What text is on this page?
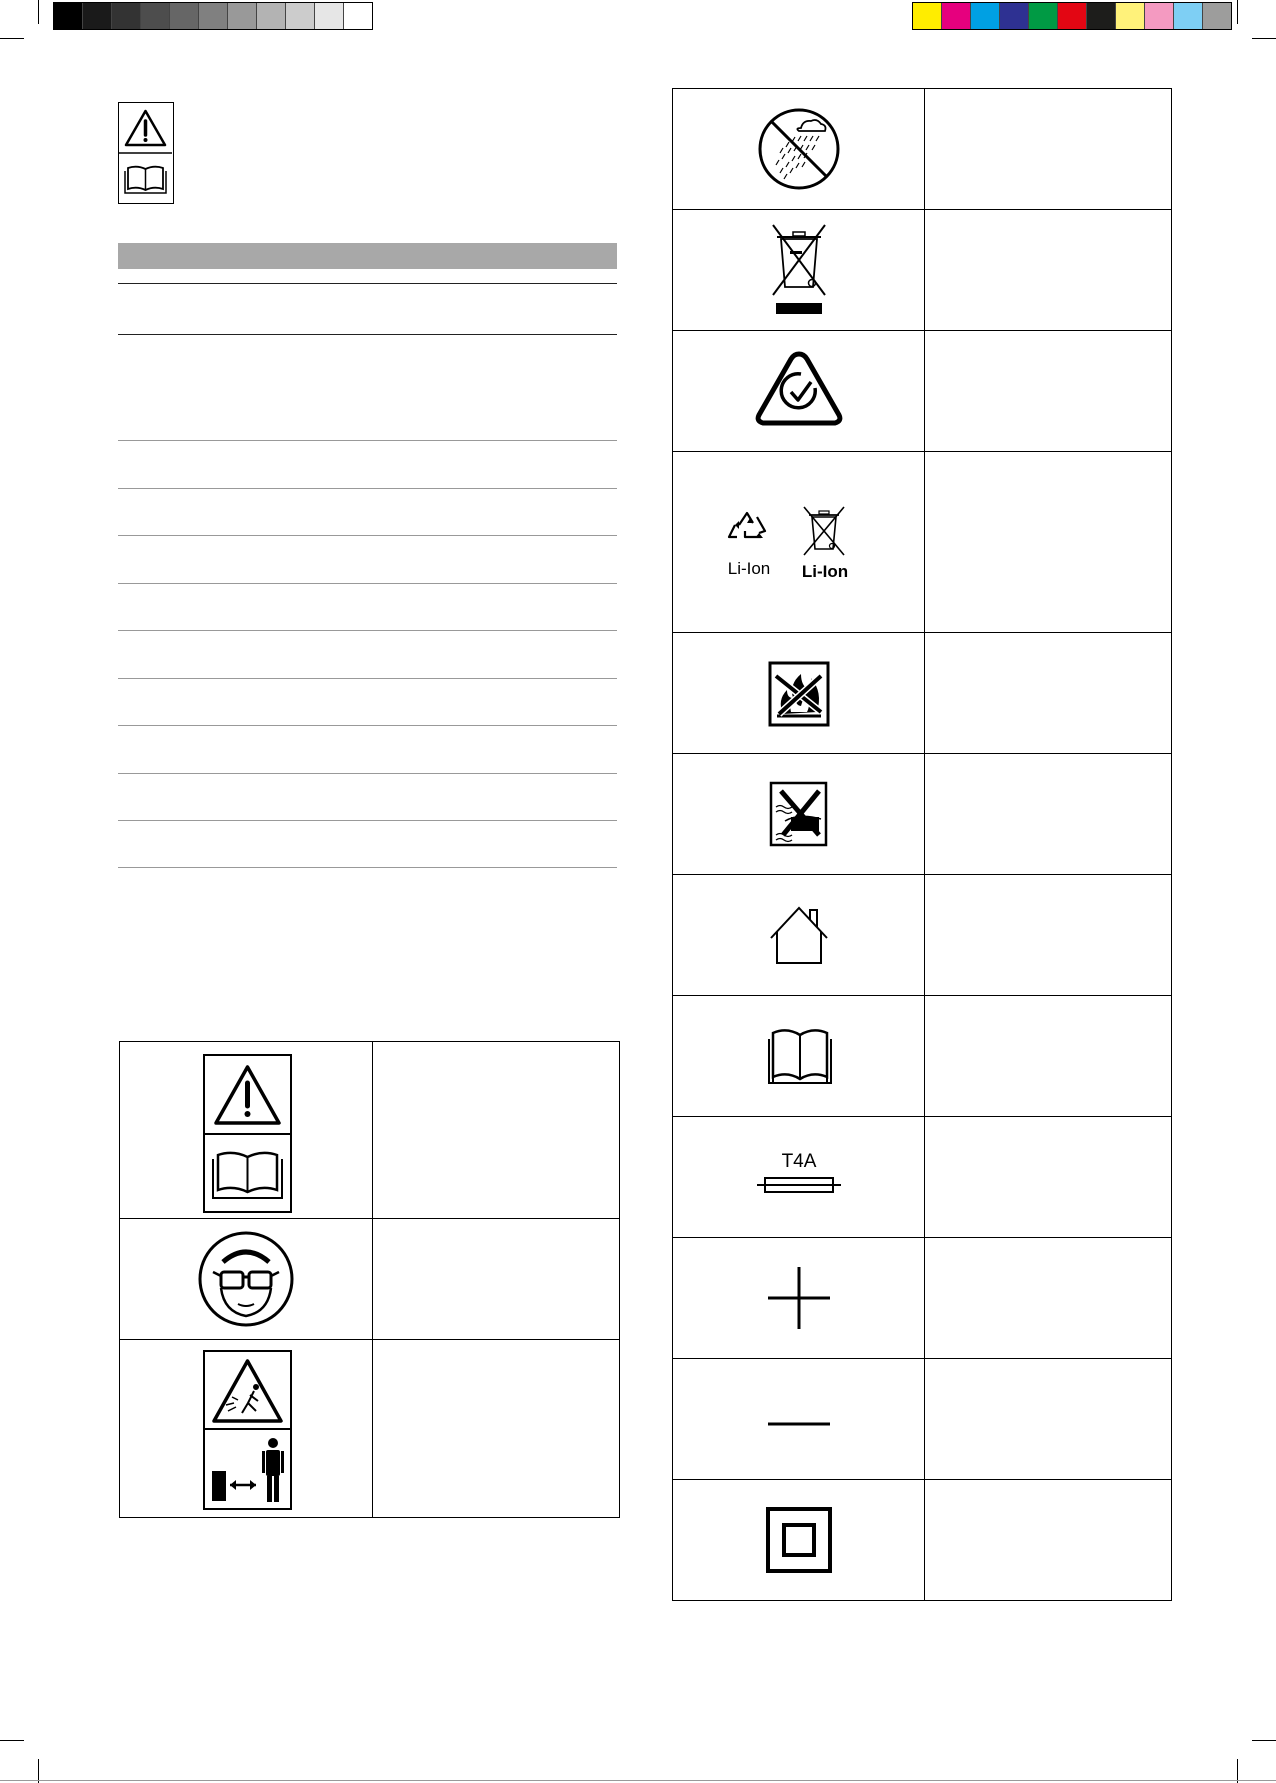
Li-Ion Li-Ion	

T4A	
